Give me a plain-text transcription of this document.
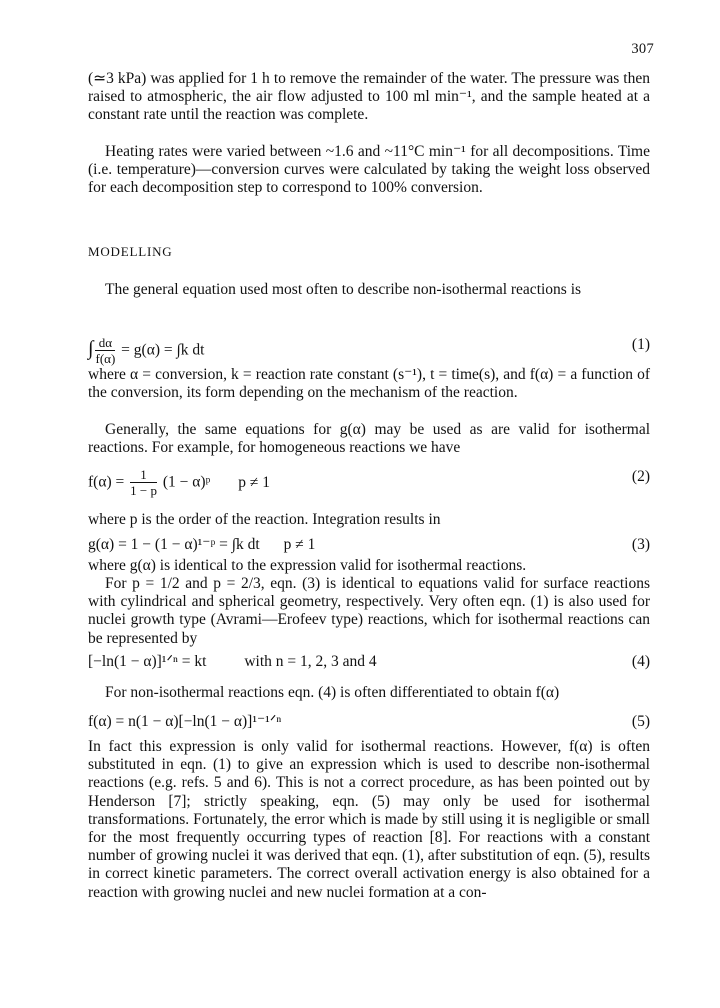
307

(≃3 kPa) was applied for 1 h to remove the remainder of the water. The pressure was then raised to atmospheric, the air flow adjusted to 100 ml min⁻¹, and the sample heated at a constant rate until the reaction was complete.

Heating rates were varied between ~1.6 and ~11°C min⁻¹ for all decompositions. Time (i.e. temperature)—conversion curves were calculated by taking the weight loss observed for each decomposition step to correspond to 100% conversion.

MODELLING

The general equation used most often to describe non-isothermal reactions is

∫ $\frac{d\alpha}{f(\alpha)} = g(\alpha) = \int k$ dt	(1)

where α = conversion, k = reaction rate constant (s⁻¹), t = time(s), and f(α) = a function of the conversion, its form depending on the mechanism of the reaction.

Generally, the same equations for g(α) may be used as are valid for isothermal reactions. For example, for homogeneous reactions we have

$f(\alpha) = \frac{1}{1 - p} (1$ − α)ᵖ p ≠ 1	(2)

where p is the order of the reaction. Integration results in

g(α) = 1 − (1 − α)¹⁻ᵖ = ∫k dt p ≠ 1	(3)

where g(α) is identical to the expression valid for isothermal reactions.

For p = 1/2 and p = 2/3, eqn. (3) is identical to equations valid for surface reactions with cylindrical and spherical geometry, respectively. Very often eqn. (1) is also used for nuclei growth type (Avrami—Erofeev type) reactions, which for isothermal reactions can be represented by

[−ln(1 − α)]¹ᐟⁿ = kt with n = 1, 2, 3 and 4	(4)

For non-isothermal reactions eqn. (4) is often differentiated to obtain f(α)

f(α) = n(1 − α)[−ln(1 − α)]¹⁻¹ᐟⁿ	(5)

In fact this expression is only valid for isothermal reactions. However, f(α) is often substituted in eqn. (1) to give an expression which is used to describe non-isothermal reactions (e.g. refs. 5 and 6). This is not a correct procedure, as has been pointed out by Henderson [7]; strictly speaking, eqn. (5) may only be used for isothermal transformations. Fortunately, the error which is made by still using it is negligible or small for the most frequently occurring types of reaction [8]. For reactions with a constant number of growing nuclei it was derived that eqn. (1), after substitution of eqn. (5), results in correct kinetic parameters. The correct overall activation energy is also obtained for a reaction with growing nuclei and new nuclei formation at a con-
